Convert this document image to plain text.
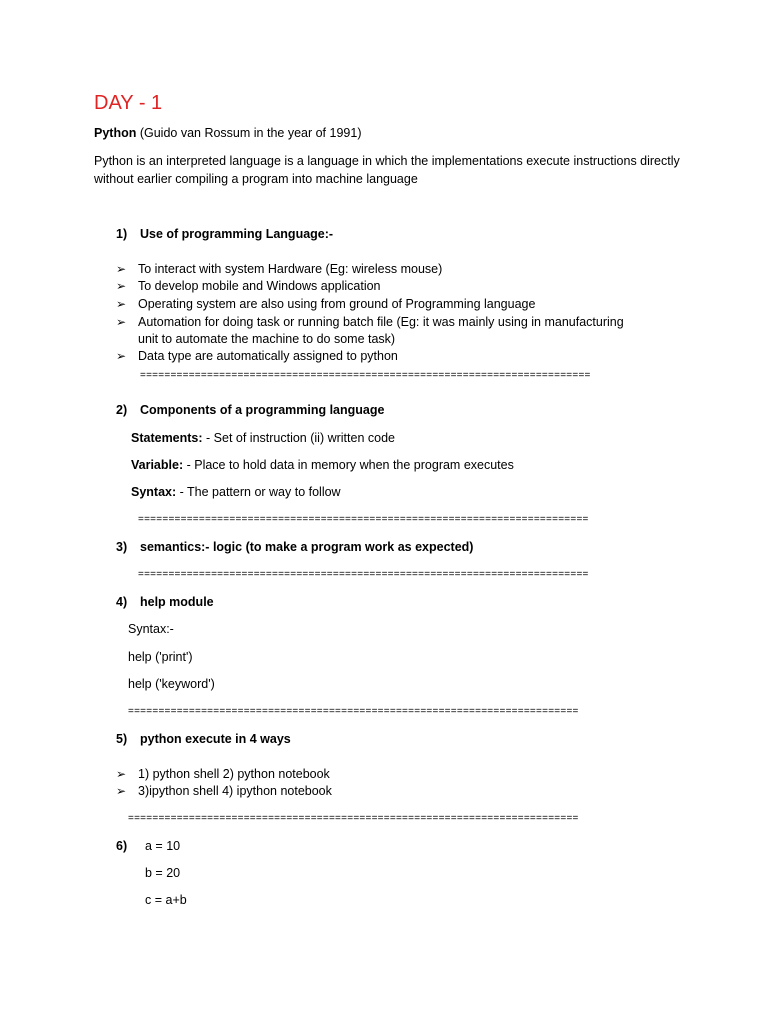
DAY - 1
Python (Guido van Rossum in the year of 1991)
Python is an interpreted language is a language in which the implementations execute instructions directly without earlier compiling a program into machine language
1) Use of programming Language:-
➢ To interact with system Hardware (Eg: wireless mouse)
➢ To develop mobile and Windows application
➢ Operating system are also using from ground of Programming language
➢ Automation for doing task or running batch file (Eg: it was mainly using in manufacturing
unit to automate the machine to do some task)
➢ Data type are automatically assigned to python
==========================================================================
2) Components of a programming language
Statements: - Set of instruction (ii) written code
Variable: - Place to hold data in memory when the program executes
Syntax: - The pattern or way to follow
==========================================================================
3) semantics:- logic (to make a program work as expected)
==========================================================================
4) help module
Syntax:-
help ('print')
help ('keyword')
==========================================================================
5) python execute in 4 ways
➢ 1) python shell 2) python notebook
➢ 3)ipython shell 4) ipython notebook
==========================================================================
6) a = 10
b = 20
c = a+b
